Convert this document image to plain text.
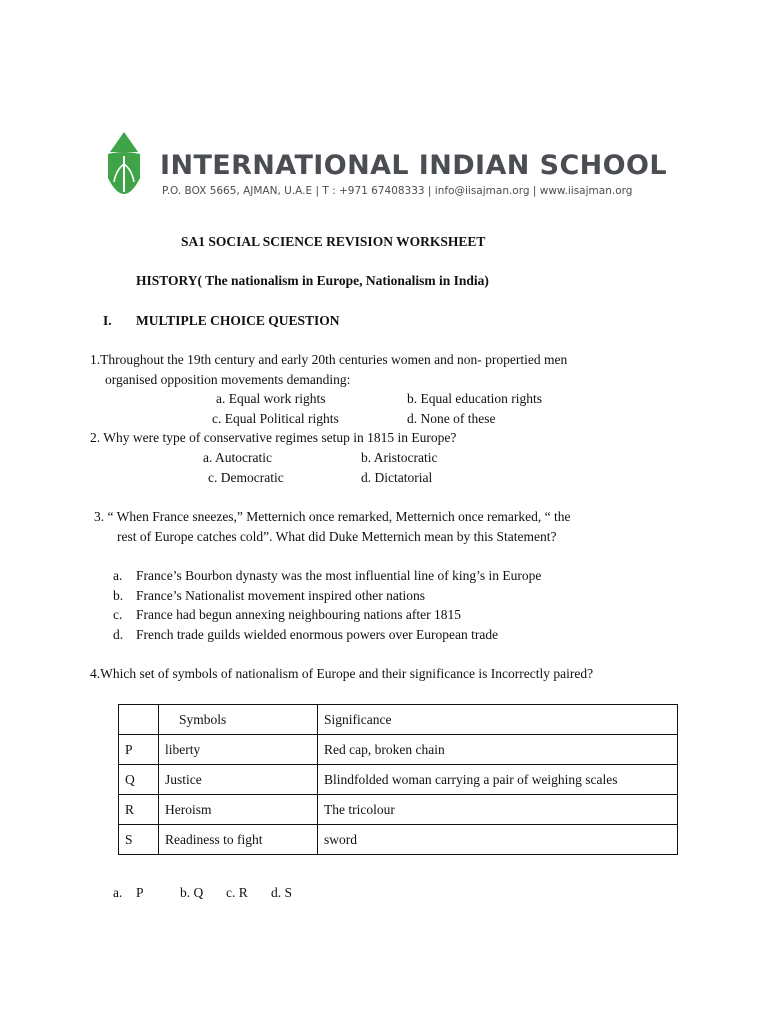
INTERNATIONAL INDIAN SCHOOL
P.O. BOX 5665, AJMAN, U.A.E | T : +971 67408333 | info@iisajman.org | www.iisajman.org
SA1 SOCIAL SCIENCE REVISION WORKSHEET
HISTORY( The nationalism in Europe, Nationalism in India)
I. MULTIPLE CHOICE QUESTION
1.Throughout the 19th century and early 20th centuries women and non- propertied men
organised opposition movements demanding:
a. Equal work rights	b. Equal education rights
c. Equal Political rights	d. None of these
2. Why were type of conservative regimes setup in 1815 in Europe?
a. Autocratic	b. Aristocratic
c. Democratic	d. Dictatorial
3. “ When France sneezes,” Metternich once remarked, Metternich once remarked, “ the
rest of Europe catches cold”. What did Duke Metternich mean by this Statement?
a. France’s Bourbon dynasty was the most influential line of king’s in Europe
b. France’s Nationalist movement inspired other nations
c. France had begun annexing neighbouring nations after 1815
d. French trade guilds wielded enormous powers over European trade
4.Which set of symbols of nationalism of Europe and their significance is Incorrectly paired?
	Symbols	Significance
P	liberty	Red cap, broken chain
Q	Justice	Blindfolded woman carrying a pair of weighing scales
R	Heroism	The tricolour
S	Readiness to fight	sword
a. P	b. Q c. R d. S
